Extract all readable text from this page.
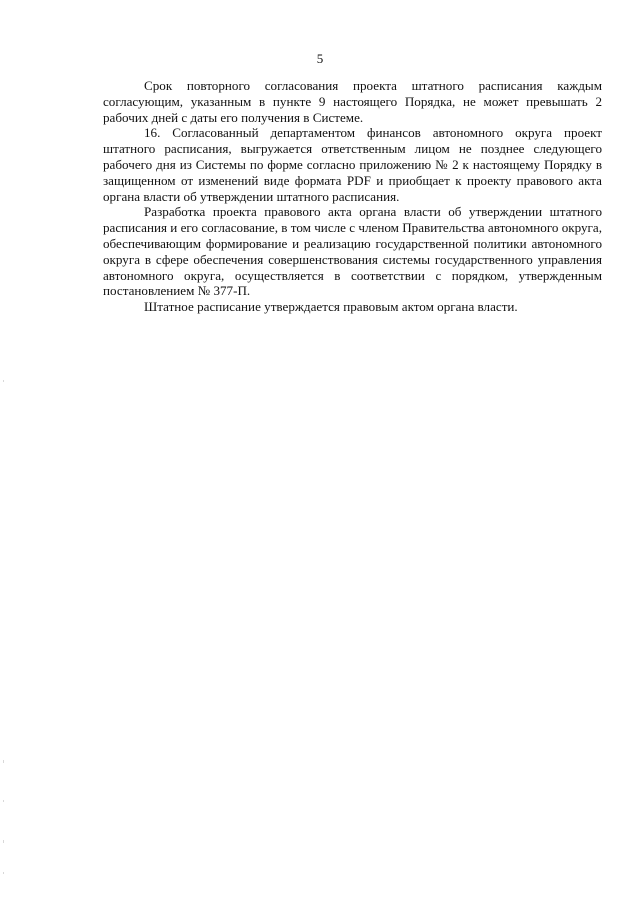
5

Срок повторного согласования проекта штатного расписания каждым согласующим, указанным в пункте 9 настоящего Порядка, не может превышать 2 рабочих дней с даты его получения в Системе.

16. Согласованный департаментом финансов автономного округа проект штатного расписания, выгружается ответственным лицом не позднее следующего рабочего дня из Системы по форме согласно приложению № 2 к настоящему Порядку в защищенном от изменений виде формата PDF и приобщает к проекту правового акта органа власти об утверждении штатного расписания.

Разработка проекта правового акта органа власти об утверждении штатного расписания и его согласование, в том числе с членом Правительства автономного округа, обеспечивающим формирование и реализацию государственной политики автономного округа в сфере обеспечения совершенствования системы государственного управления автономного округа, осуществляется в соответствии с порядком, утвержденным постановлением № 377-П.

Штатное расписание утверждается правовым актом органа власти.
